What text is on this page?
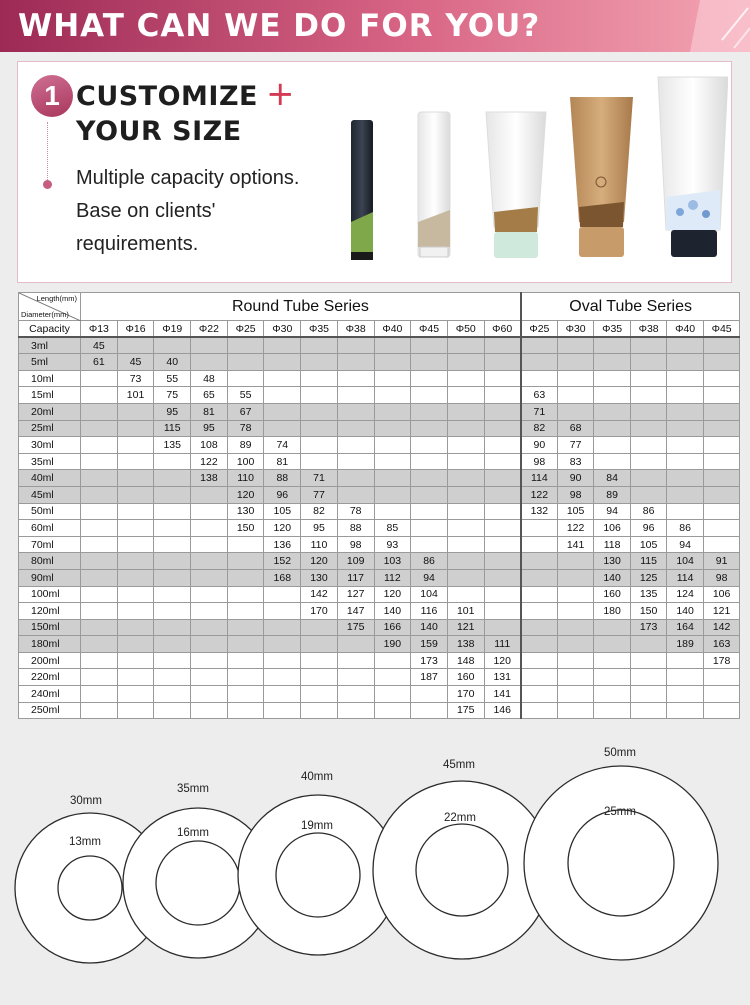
WHAT CAN WE DO FOR YOU?
1 CUSTOMIZE +
YOUR SIZE
Multiple capacity options. Base on clients' requirements.
Length(mm)
Diameter(mm)	Round Tube Series												Oval Tube Series					
Capacity	Φ13	Φ16	Φ19	Φ22	Φ25	Φ30	Φ35	Φ38	Φ40	Φ45	Φ50	Φ60	Φ25	Φ30	Φ35	Φ38	Φ40	Φ45
3ml	45																	
5ml	61	45	40															
10ml		73	55	48														
15ml		101	75	65	55								63					
20ml			95	81	67								71					
25ml			115	95	78								82	68				
30ml			135	108	89	74							90	77				
35ml				122	100	81							98	83				
40ml				138	110	88	71						114	90	84			
45ml					120	96	77						122	98	89			
50ml					130	105	82	78					132	105	94	86		
60ml					150	120	95	88	85					122	106	96	86	
70ml						136	110	98	93					141	118	105	94	
80ml						152	120	109	103	86					130	115	104	91
90ml						168	130	117	112	94					140	125	114	98
100ml							142	127	120	104					160	135	124	106
120ml							170	147	140	116	101				180	150	140	121
150ml								175	166	140	121					173	164	142
180ml									190	159	138	111					189	163
200ml										173	148	120						178
220ml										187	160	131						
240ml											170	141						
250ml											175	146						
30mm
13mm
35mm
16mm
40mm
19mm
45mm
22mm
50mm
25mm
